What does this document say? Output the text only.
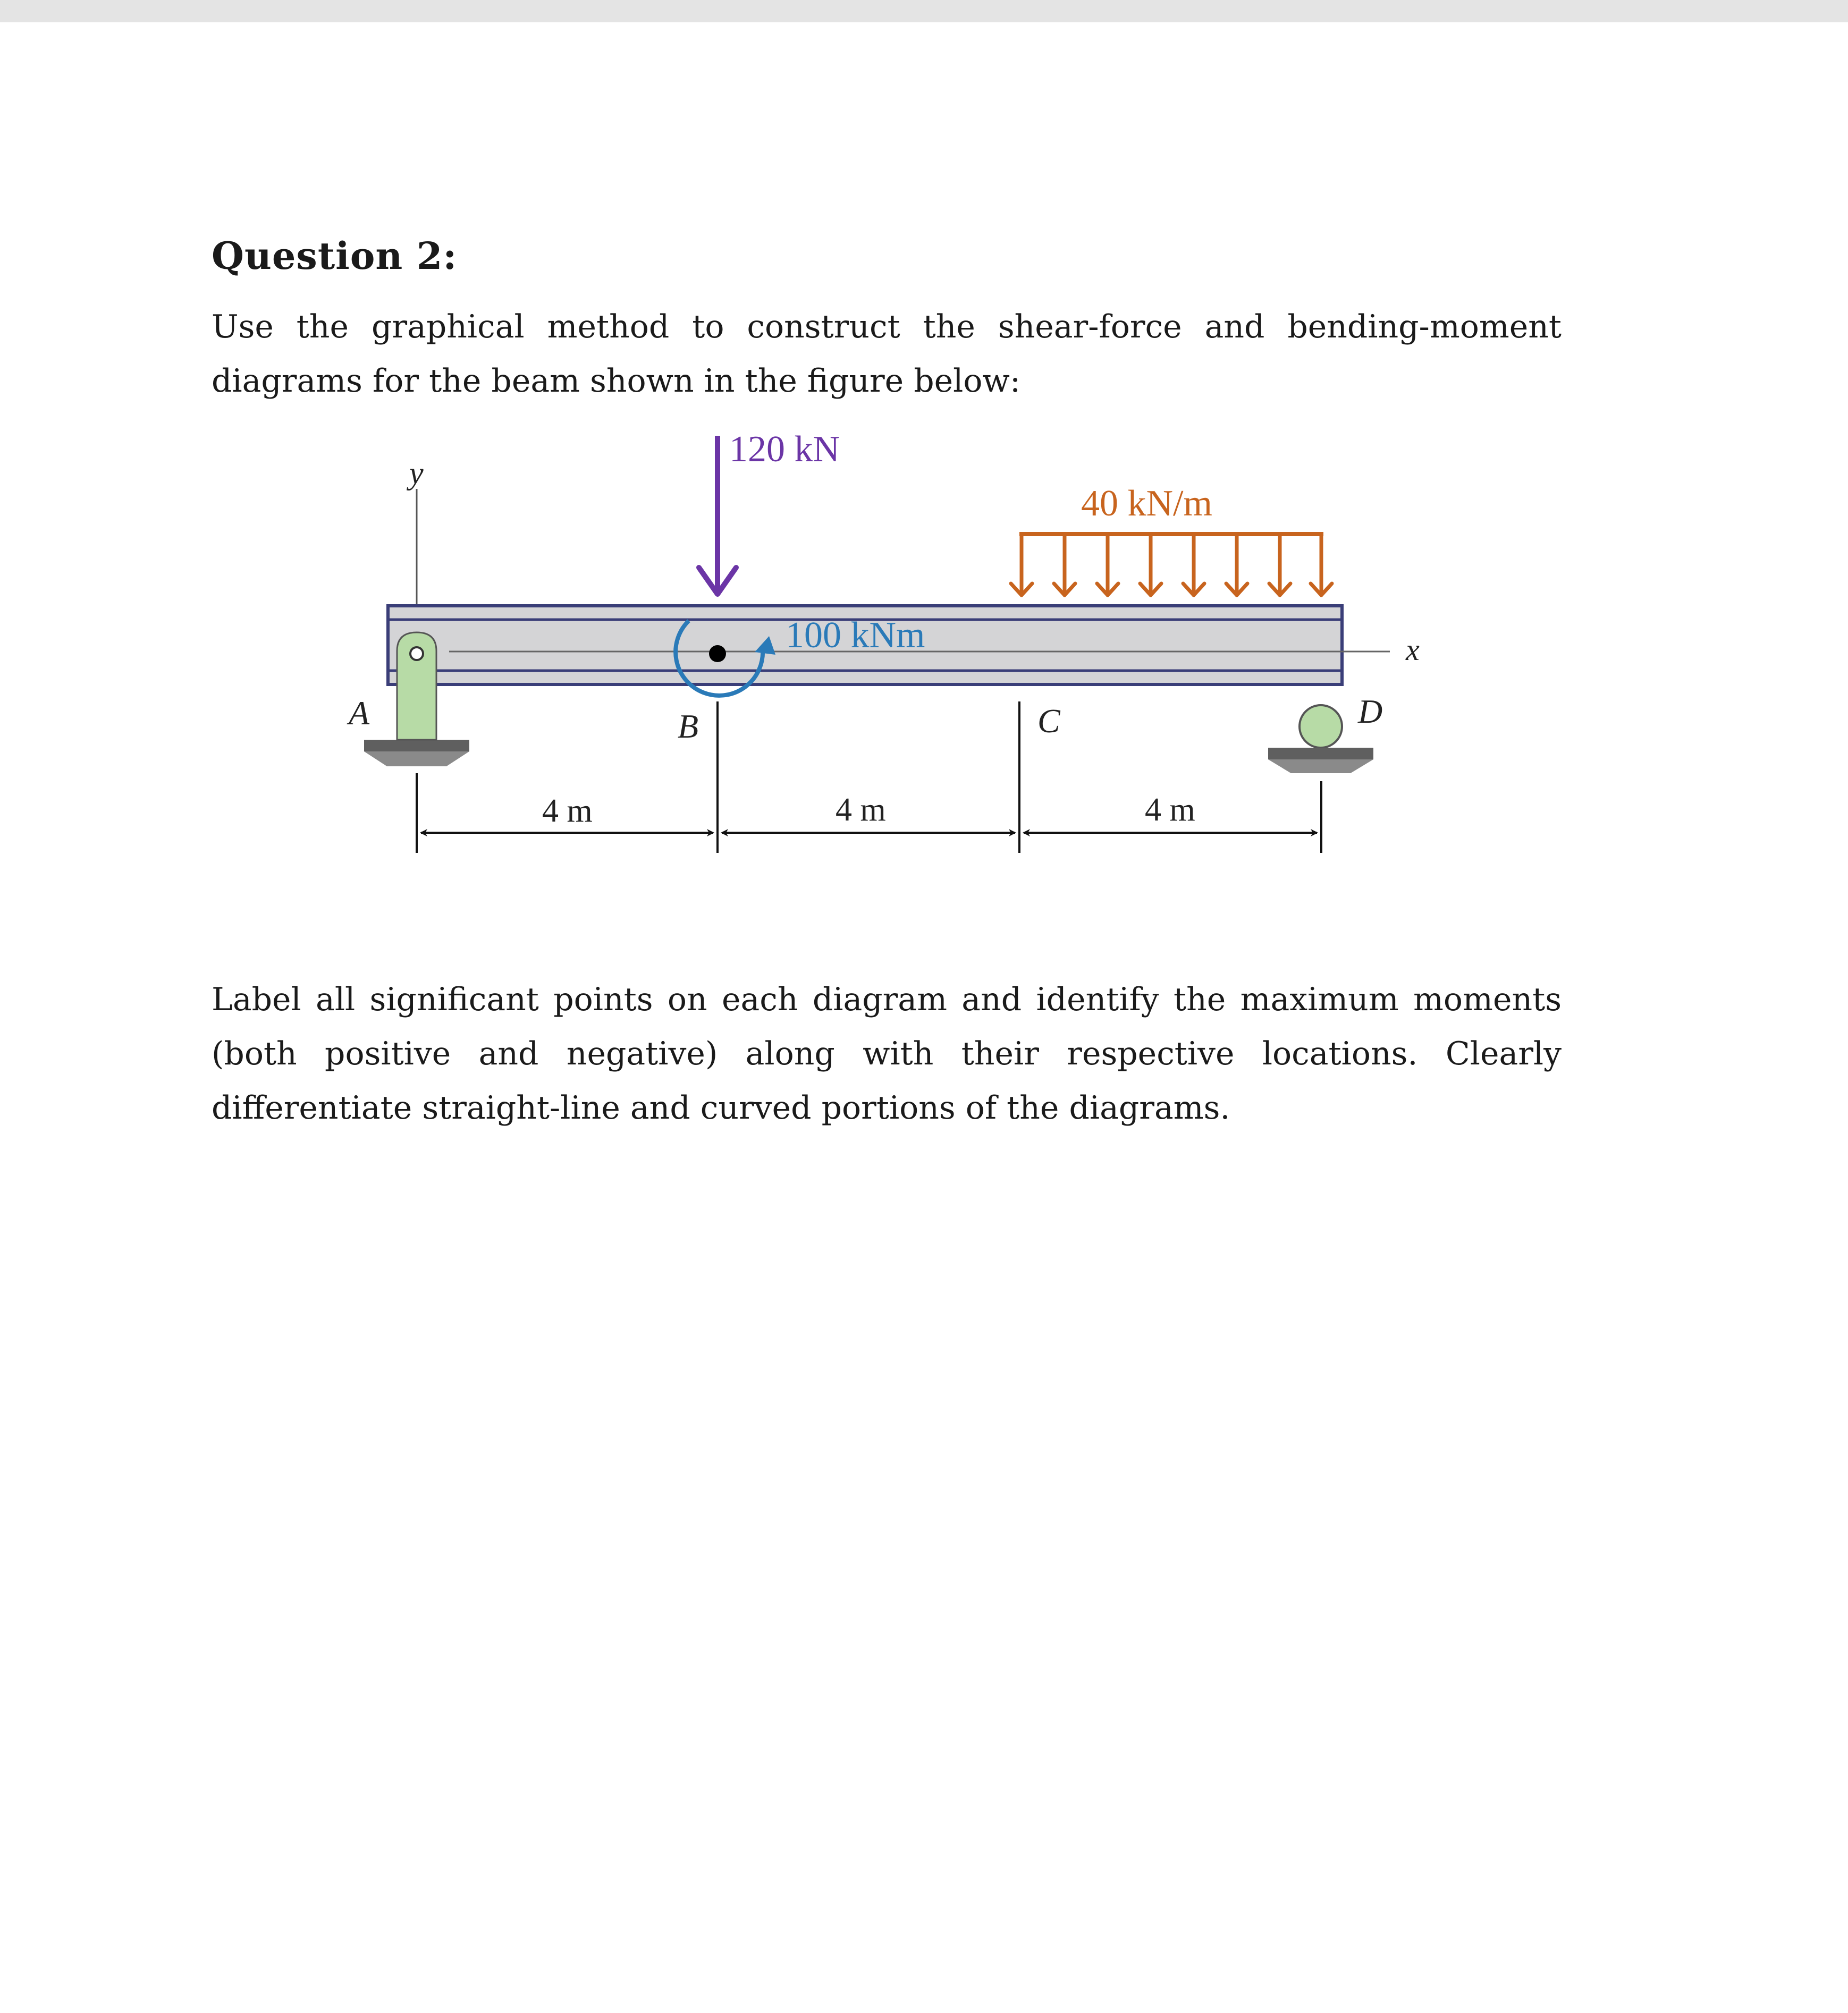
Question 2:
Use the graphical method to construct the shear-force and bending-moment diagrams for the beam shown in the figure below:
y
x
A	D
120 kN
100 kNm
40 kN/m
B	C
4 m	4 m	4 m
Label all significant points on each diagram and identify the maximum moments (both positive and negative) along with their respective locations. Clearly differentiate straight-line and curved portions of the diagrams.
